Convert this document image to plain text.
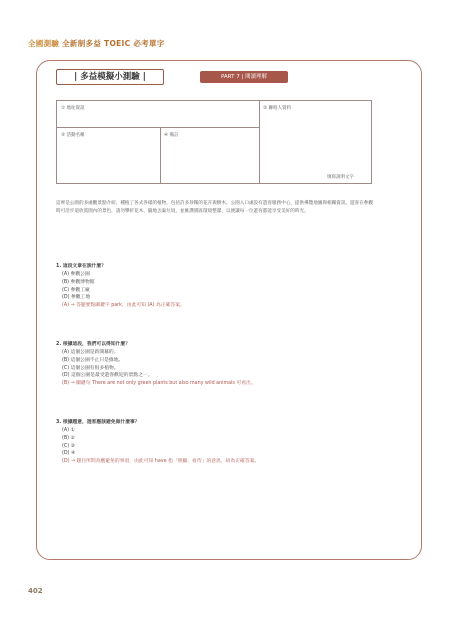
全國測驗 全新制多益 TOEIC 必考單字
| 多益模擬小測驗 |	PART 7 | 閱讀理解
① 地址資訊	② 聯絡人資料
③ 活動名稱	④ 備註
填寫說明文字
這裡是公園的多處觀景點介紹，種植了各式各樣的植物，包括許多珍稀的花卉與樹木。公園入口處設有遊客服務中心，提供導覽地圖與相關資訊。遊客在參觀時可沿步道欣賞園內的景色，請勿攀折花木、隨地丟棄垃圾，並維護園區環境整潔，以便讓每一位遊客都能享受美好的時光。
1. 這段文章在說什麼？
(A) 參觀公園
(B) 參觀博物館
(C) 參觀工廠
(D) 參觀工地
(A) → 答題要點關鍵字 park，由此可知 (A) 為正確答案。
2. 根據這段，我們可以得知什麼？
(A) 這個公園是新開幕的。
(B) 這個公園不止只是綠地。
(C) 這個公園有很多植物。
(D) 這個公園是最受遊客歡迎的景點之一。
(B) → 關鍵句 There are not only green plants but also many wild animals 可看出。
3. 根據題意，遊客應該避免做什麼事？
(A) ①
(B) ②
(C) ③
(D) ④
(D) → 題目所問為應避免的事項，由此可知 have 指「照顧、看待」的意思，故為正確答案。
402
